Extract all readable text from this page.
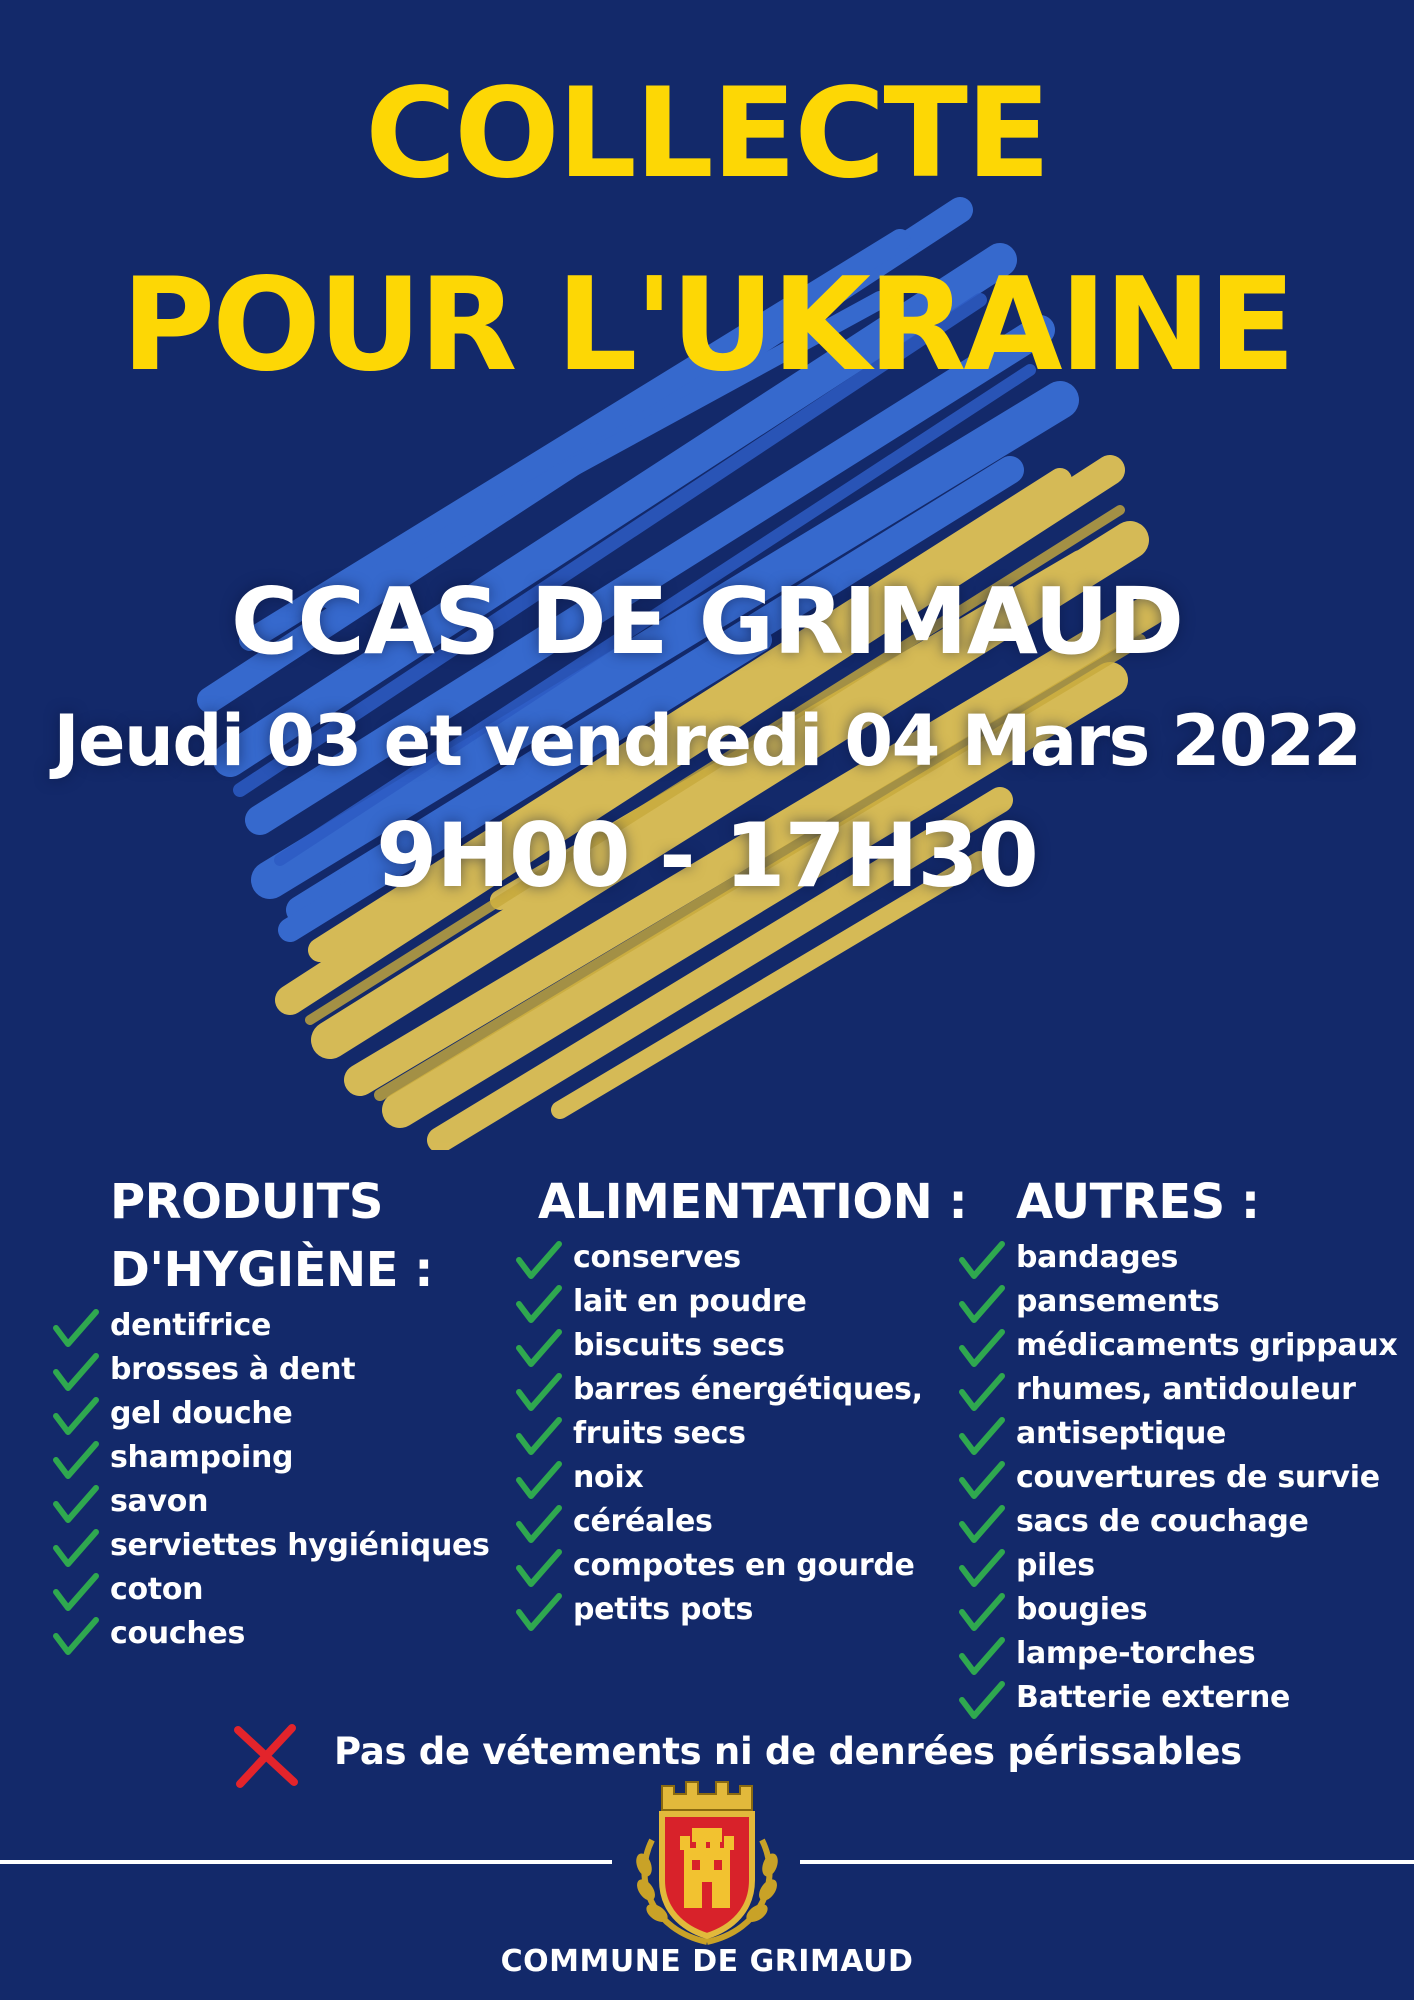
COLLECTE
POUR L'UKRAINE
CCAS DE GRIMAUD
Jeudi 03 et vendredi 04 Mars 2022
9H00 - 17H30
PRODUITS
D'HYGIÈNE :
dentifrice
brosses à dent
gel douche
shampoing
savon
serviettes hygiéniques
coton
couches
ALIMENTATION :
conserves
lait en poudre
biscuits secs
barres énergétiques,
fruits secs
noix
céréales
compotes en gourde
petits pots
AUTRES :
bandages
pansements
médicaments grippaux
rhumes, antidouleur
antiseptique
couvertures de survie
sacs de couchage
piles
bougies
lampe-torches
Batterie externe
Pas de vétements ni de denrées périssables
COMMUNE DE GRIMAUD
